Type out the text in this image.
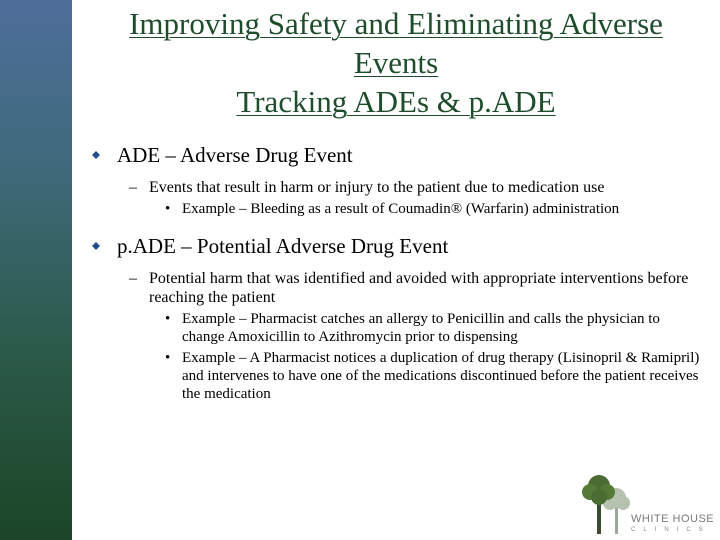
Improving Safety and Eliminating Adverse
Events
Tracking ADEs & p.ADE
ADE – Adverse Drug Event
– Events that result in harm or injury to the patient due to medication use
• Example – Bleeding as a result of Coumadin® (Warfarin) administration
p.ADE – Potential Adverse Drug Event
– Potential harm that was identified and avoided with appropriate interventions before reaching the patient
• Example – Pharmacist catches an allergy to Penicillin and calls the physician to change Amoxicillin to Azithromycin prior to dispensing
• Example – A Pharmacist notices a duplication of drug therapy (Lisinopril & Ramipril) and intervenes to have one of the medications discontinued before the patient receives the medication
WHITE HOUSE
CLINICS
